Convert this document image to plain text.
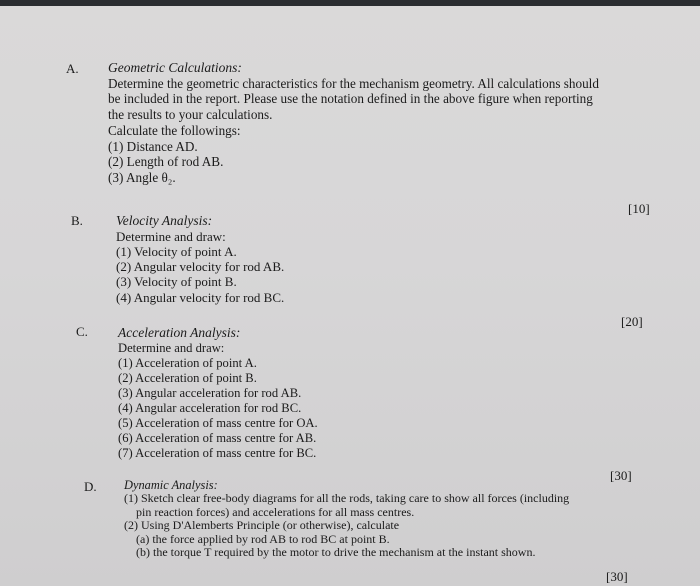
A. Geometric Calculations:
Determine the geometric characteristics for the mechanism geometry. All calculations should
be included in the report. Please use the notation defined in the above figure when reporting
the results to your calculations.
Calculate the followings:
(1) Distance AD.
(2) Length of rod AB.
(3) Angle θ₂.
[10]
B. Velocity Analysis:
Determine and draw:
(1) Velocity of point A.
(2) Angular velocity for rod AB.
(3) Velocity of point B.
(4) Angular velocity for rod BC.
[20]
C. Acceleration Analysis:
Determine and draw:
(1) Acceleration of point A.
(2) Acceleration of point B.
(3) Angular acceleration for rod AB.
(4) Angular acceleration for rod BC.
(5) Acceleration of mass centre for OA.
(6) Acceleration of mass centre for AB.
(7) Acceleration of mass centre for BC.
[30]
D. Dynamic Analysis:
(1) Sketch clear free-body diagrams for all the rods, taking care to show all forces (including
pin reaction forces) and accelerations for all mass centres.
(2) Using D'Alemberts Principle (or otherwise), calculate
(a) the force applied by rod AB to rod BC at point B.
(b) the torque T required by the motor to drive the mechanism at the instant shown.
[30]
